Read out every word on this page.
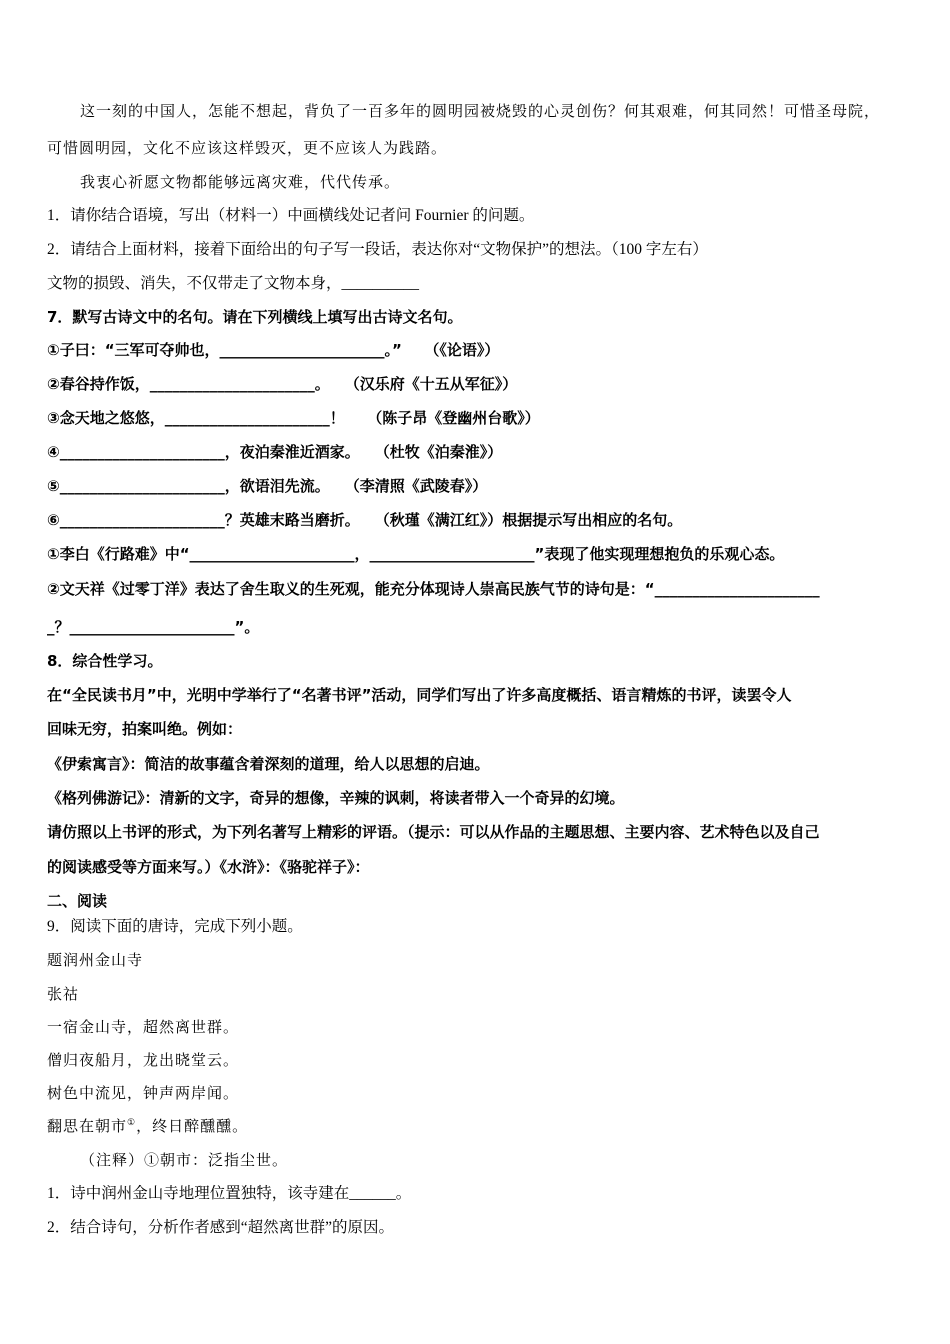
这一刻的中国人，怎能不想起，背负了一百多年的圆明园被烧毁的心灵创伤？何其艰难，何其同然！可惜圣母院，
可惜圆明园，文化不应该这样毁灭，更不应该人为践踏。
我衷心祈愿文物都能够远离灾难，代代传承。
1．请你结合语境，写出（材料一）中画横线处记者问 Fournier 的问题。
2．请结合上面材料，接着下面给出的句子写一段话，表达你对“文物保护”的想法。（100 字左右）
文物的损毁、消失，不仅带走了文物本身，__________
7．默写古诗文中的名句。请在下列横线上填写出古诗文名句。
①子曰：“三军可夺帅也，______________________。”　　（《论语》）
②春谷持作饭，______________________。　　（汉乐府《十五从军征》）
③念天地之悠悠，______________________！　　（陈子昂《登幽州台歌》）
④______________________，夜泊秦淮近酒家。　　（杜牧《泊秦淮》）
⑤______________________，欲语泪先流。　　（李清照《武陵春》）
⑥______________________？英雄末路当磨折。　　（秋瑾《满江红》）根据提示写出相应的名句。
①李白《行路难》中“______________________，______________________”表现了他实现理想抱负的乐观心态。
②文天祥《过零丁洋》表达了舍生取义的生死观，能充分体现诗人崇高民族气节的诗句是：“______________________
_？______________________”。
8．综合性学习。
在“全民读书月”中，光明中学举行了“名著书评”活动，同学们写出了许多高度概括、语言精炼的书评，读罢令人
回味无穷，拍案叫绝。例如：
《伊索寓言》：简洁的故事蕴含着深刻的道理，给人以思想的启迪。
《格列佛游记》：清新的文字，奇异的想像，辛辣的讽刺，将读者带入一个奇异的幻境。
请仿照以上书评的形式，为下列名著写上精彩的评语。（提示：可以从作品的主题思想、主要内容、艺术特色以及自己
的阅读感受等方面来写。）《水浒》：《骆驼祥子》：
二、阅读
9．阅读下面的唐诗，完成下列小题。
题润州金山寺
张祜
一宿金山寺，超然离世群。
僧归夜船月，龙出晓堂云。
树色中流见，钟声两岸闻。
翻思在朝市①，终日醉醺醺。
（注释）①朝市：泛指尘世。
1．诗中润州金山寺地理位置独特，该寺建在______。
2．结合诗句，分析作者感到“超然离世群”的原因。
